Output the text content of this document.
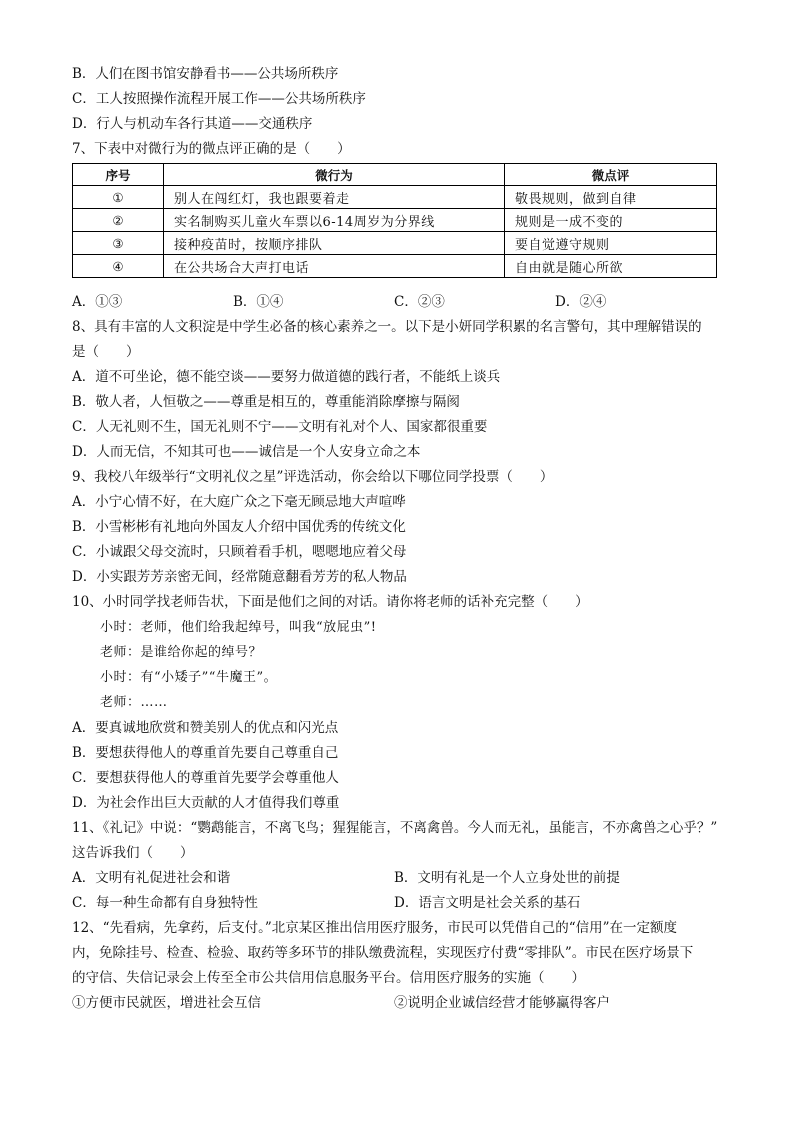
B．人们在图书馆安静看书——公共场所秩序
C．工人按照操作流程开展工作——公共场所秩序
D．行人与机动车各行其道——交通秩序
7、下表中对微行为的微点评正确的是（　　）
序号	微行为	微点评
①	别人在闯红灯，我也跟要着走	敬畏规则，做到自律
②	实名制购买儿童火车票以6-14周岁为分界线	规则是一成不变的
③	接种疫苗时，按顺序排队	要自觉遵守规则
④	在公共场合大声打电话	自由就是随心所欲
A．①③	B．①④	C．②③	D．②④
8、具有丰富的人文积淀是中学生必备的核心素养之一。以下是小妍同学积累的名言警句，其中理解错误的
是（　　）
A．道不可坐论，德不能空谈——要努力做道德的践行者，不能纸上谈兵
B．敬人者，人恒敬之——尊重是相互的，尊重能消除摩擦与隔阂
C．人无礼则不生，国无礼则不宁——文明有礼对个人、国家都很重要
D．人而无信，不知其可也——诚信是一个人安身立命之本
9、我校八年级举行“文明礼仪之星”评选活动，你会给以下哪位同学投票（　　）
A．小宁心情不好，在大庭广众之下毫无顾忌地大声喧哗
B．小雪彬彬有礼地向外国友人介绍中国优秀的传统文化
C．小诚跟父母交流时，只顾着看手机，嗯嗯地应着父母
D．小实跟芳芳亲密无间，经常随意翻看芳芳的私人物品
10、小时同学找老师告状，下面是他们之间的对话。请你将老师的话补充完整（　　）
小时：老师，他们给我起绰号，叫我“放屁虫”!
老师：是谁给你起的绰号？
小时：有“小矮子”“牛魔王”。
老师：……
A．要真诚地欣赏和赞美别人的优点和闪光点
B．要想获得他人的尊重首先要自己尊重自己
C．要想获得他人的尊重首先要学会尊重他人
D．为社会作出巨大贡献的人才值得我们尊重
11、《礼记》中说：“鹦鹉能言，不离飞鸟；猩猩能言，不离禽兽。今人而无礼，虽能言，不亦禽兽之心乎？”
这告诉我们（　　）
A．文明有礼促进社会和谐	B．文明有礼是一个人立身处世的前提
C．每一种生命都有自身独特性	D．语言文明是社会关系的基石
12、“先看病，先拿药，后支付。”北京某区推出信用医疗服务，市民可以凭借自己的“信用”在一定额度
内，免除挂号、检查、检验、取药等多环节的排队缴费流程，实现医疗付费“零排队”。市民在医疗场景下
的守信、失信记录会上传至全市公共信用信息服务平台。信用医疗服务的实施（　　）
①方便市民就医，增进社会互信	②说明企业诚信经营才能够赢得客户
